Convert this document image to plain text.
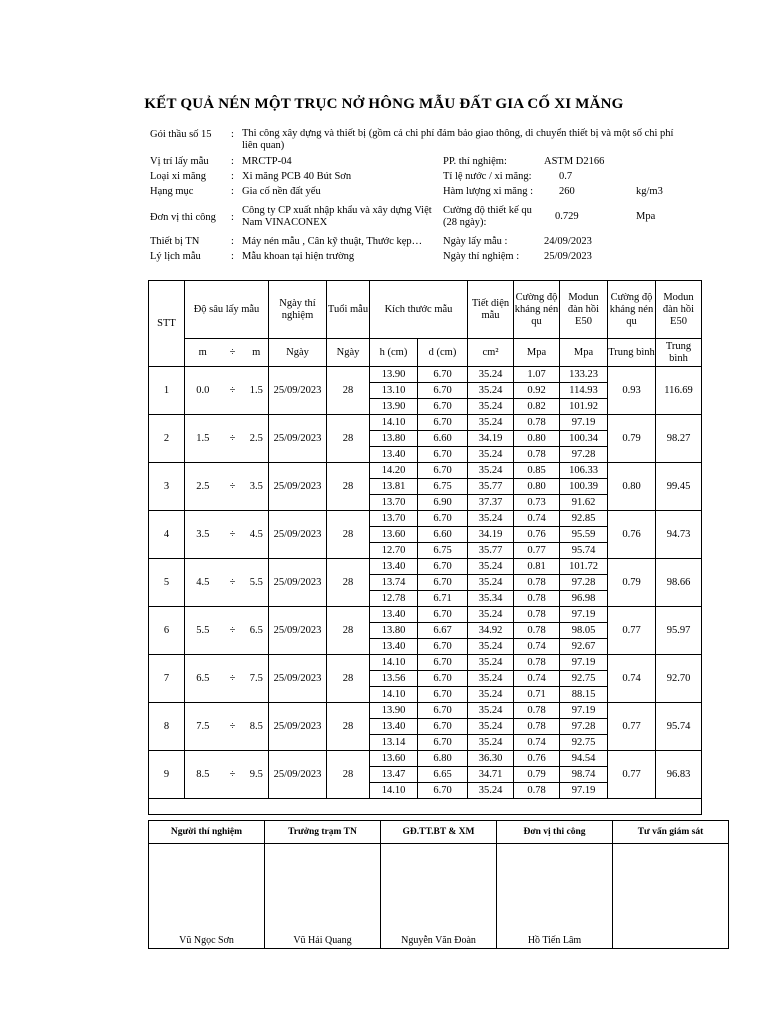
KẾT QUẢ NÉN MỘT TRỤC NỞ HÔNG MẪU ĐẤT GIA CỐ XI MĂNG
Gói thầu số 15 : Thi công xây dựng và thiết bị (gồm cả chi phí đảm bảo giao thông, di chuyển thiết bị và một số chi phí liên quan)
Vị trí lấy mẫu : MRCTP-04
Loại xi măng : Xi măng PCB 40 Bút Sơn
Hạng mục	: Gia cố nền đất yếu
Đơn vị thi công :
Công ty CP xuất nhập khẩu và xây dựng Việt Nam VINACONEX
Thiết bị TN	: Máy nén mẫu , Cân kỹ thuật, Thước kẹp…
Lý lịch mẫu	: Mẫu khoan tại hiện trường
PP. thí nghiệm:	ASTM D2166
Tỉ lệ nước / xi măng:	0.7
Hàm lượng xi măng : 260	kg/m3
Cường độ thiết kế qu (28 ngày):
0.729	Mpa
Ngày lấy mẫu :	24/09/2023
Ngày thí nghiệm : 25/09/2023
STT	Độ sâu lấy mẫu			Ngày thí nghiệm	Tuổi mẫu	Kích thước mẫu		Tiết diện mẫu	Cường độ kháng nén qu	Modun đàn hồi E50	Cường độ kháng nén qu	Modun đàn hồi E50
	m	÷	m	Ngày	Ngày	h (cm)	d (cm)	cm²	Mpa	Mpa	Trung bình	Trung bình
1	0.0	÷	1.5	25/09/2023	28	13.90	6.70	35.24	1.07	133.23	0.93	116.69
						13.10	6.70	35.24	0.92	114.93		
						13.90	6.70	35.24	0.82	101.92		
2	1.5	÷	2.5	25/09/2023	28	14.10	6.70	35.24	0.78	97.19	0.79	98.27
						13.80	6.60	34.19	0.80	100.34		
						13.40	6.70	35.24	0.78	97.28		
3	2.5	÷	3.5	25/09/2023	28	14.20	6.70	35.24	0.85	106.33	0.80	99.45
						13.81	6.75	35.77	0.80	100.39		
						13.70	6.90	37.37	0.73	91.62		
4	3.5	÷	4.5	25/09/2023	28	13.70	6.70	35.24	0.74	92.85	0.76	94.73
						13.60	6.60	34.19	0.76	95.59		
						12.70	6.75	35.77	0.77	95.74		
5	4.5	÷	5.5	25/09/2023	28	13.40	6.70	35.24	0.81	101.72	0.79	98.66
						13.74	6.70	35.24	0.78	97.28		
						12.78	6.71	35.34	0.78	96.98		
6	5.5	÷	6.5	25/09/2023	28	13.40	6.70	35.24	0.78	97.19	0.77	95.97
						13.80	6.67	34.92	0.78	98.05		
						13.40	6.70	35.24	0.74	92.67		
7	6.5	÷	7.5	25/09/2023	28	14.10	6.70	35.24	0.78	97.19	0.74	92.70
						13.56	6.70	35.24	0.74	92.75		
						14.10	6.70	35.24	0.71	88.15		
8	7.5	÷	8.5	25/09/2023	28	13.90	6.70	35.24	0.78	97.19	0.77	95.74
						13.40	6.70	35.24	0.78	97.28		
						13.14	6.70	35.24	0.74	92.75		
9	8.5	÷	9.5	25/09/2023	28	13.60	6.80	36.30	0.76	94.54	0.77	96.83
						13.47	6.65	34.71	0.79	98.74		
						14.10	6.70	35.24	0.78	97.19		

Người thí nghiệm	Trưởng trạm TN	GĐ.TT.BT & XM	Đơn vị thi công	Tư vấn giám sát
Vũ Ngọc Sơn	Vũ Hải Quang	Nguyễn Văn Đoàn	Hồ Tiến Lâm	
